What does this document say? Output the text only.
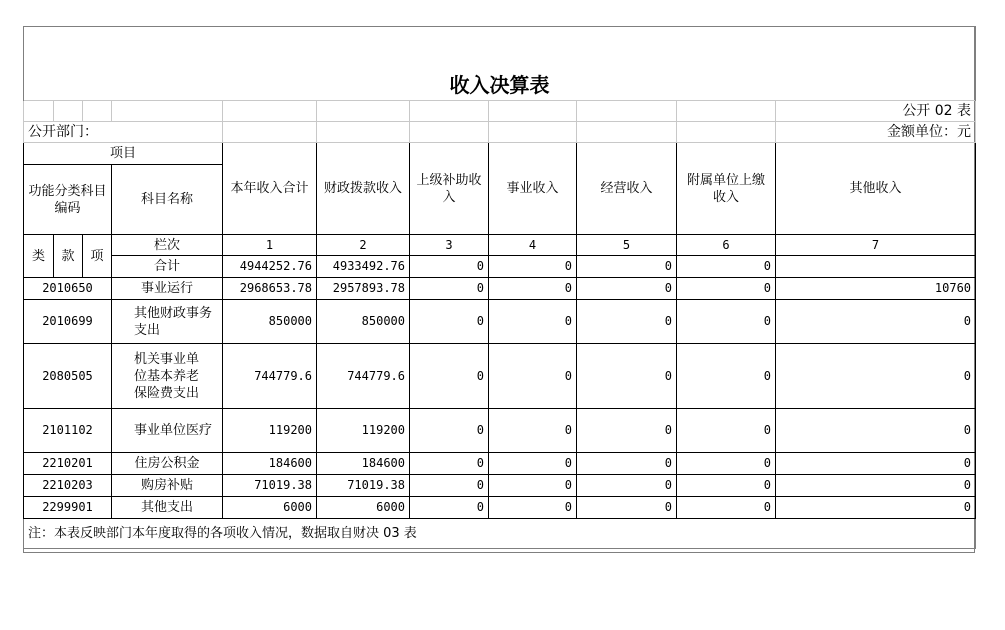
收入决算表										
										公开 02 表
公开部门：										金额单位：元
项目				本年收入合计	财政拨款收入	上级补助收入	事业收入	经营收入	附属单位上缴收入	其他收入
功能分类科目编码			科目名称							
类	款	项	栏次	1	2	3	4	5	6	7
			合计	4944252.76	4933492.76	0	0	0	0	
2010650			事业运行	2968653.78	2957893.78	0	0	0	0	10760
2010699			其他财政事务支出	850000	850000	0	0	0	0	0
2080505			机关事业单位基本养老保险费支出	744779.6	744779.6	0	0	0	0	0
2101102			事业单位医疗	119200	119200	0	0	0	0	0
2210201			住房公积金	184600	184600	0	0	0	0	0
2210203			购房补贴	71019.38	71019.38	0	0	0	0	0
2299901			其他支出	6000	6000	0	0	0	0	0
注：本表反映部门本年度取得的各项收入情况，数据取自财决 03 表										
